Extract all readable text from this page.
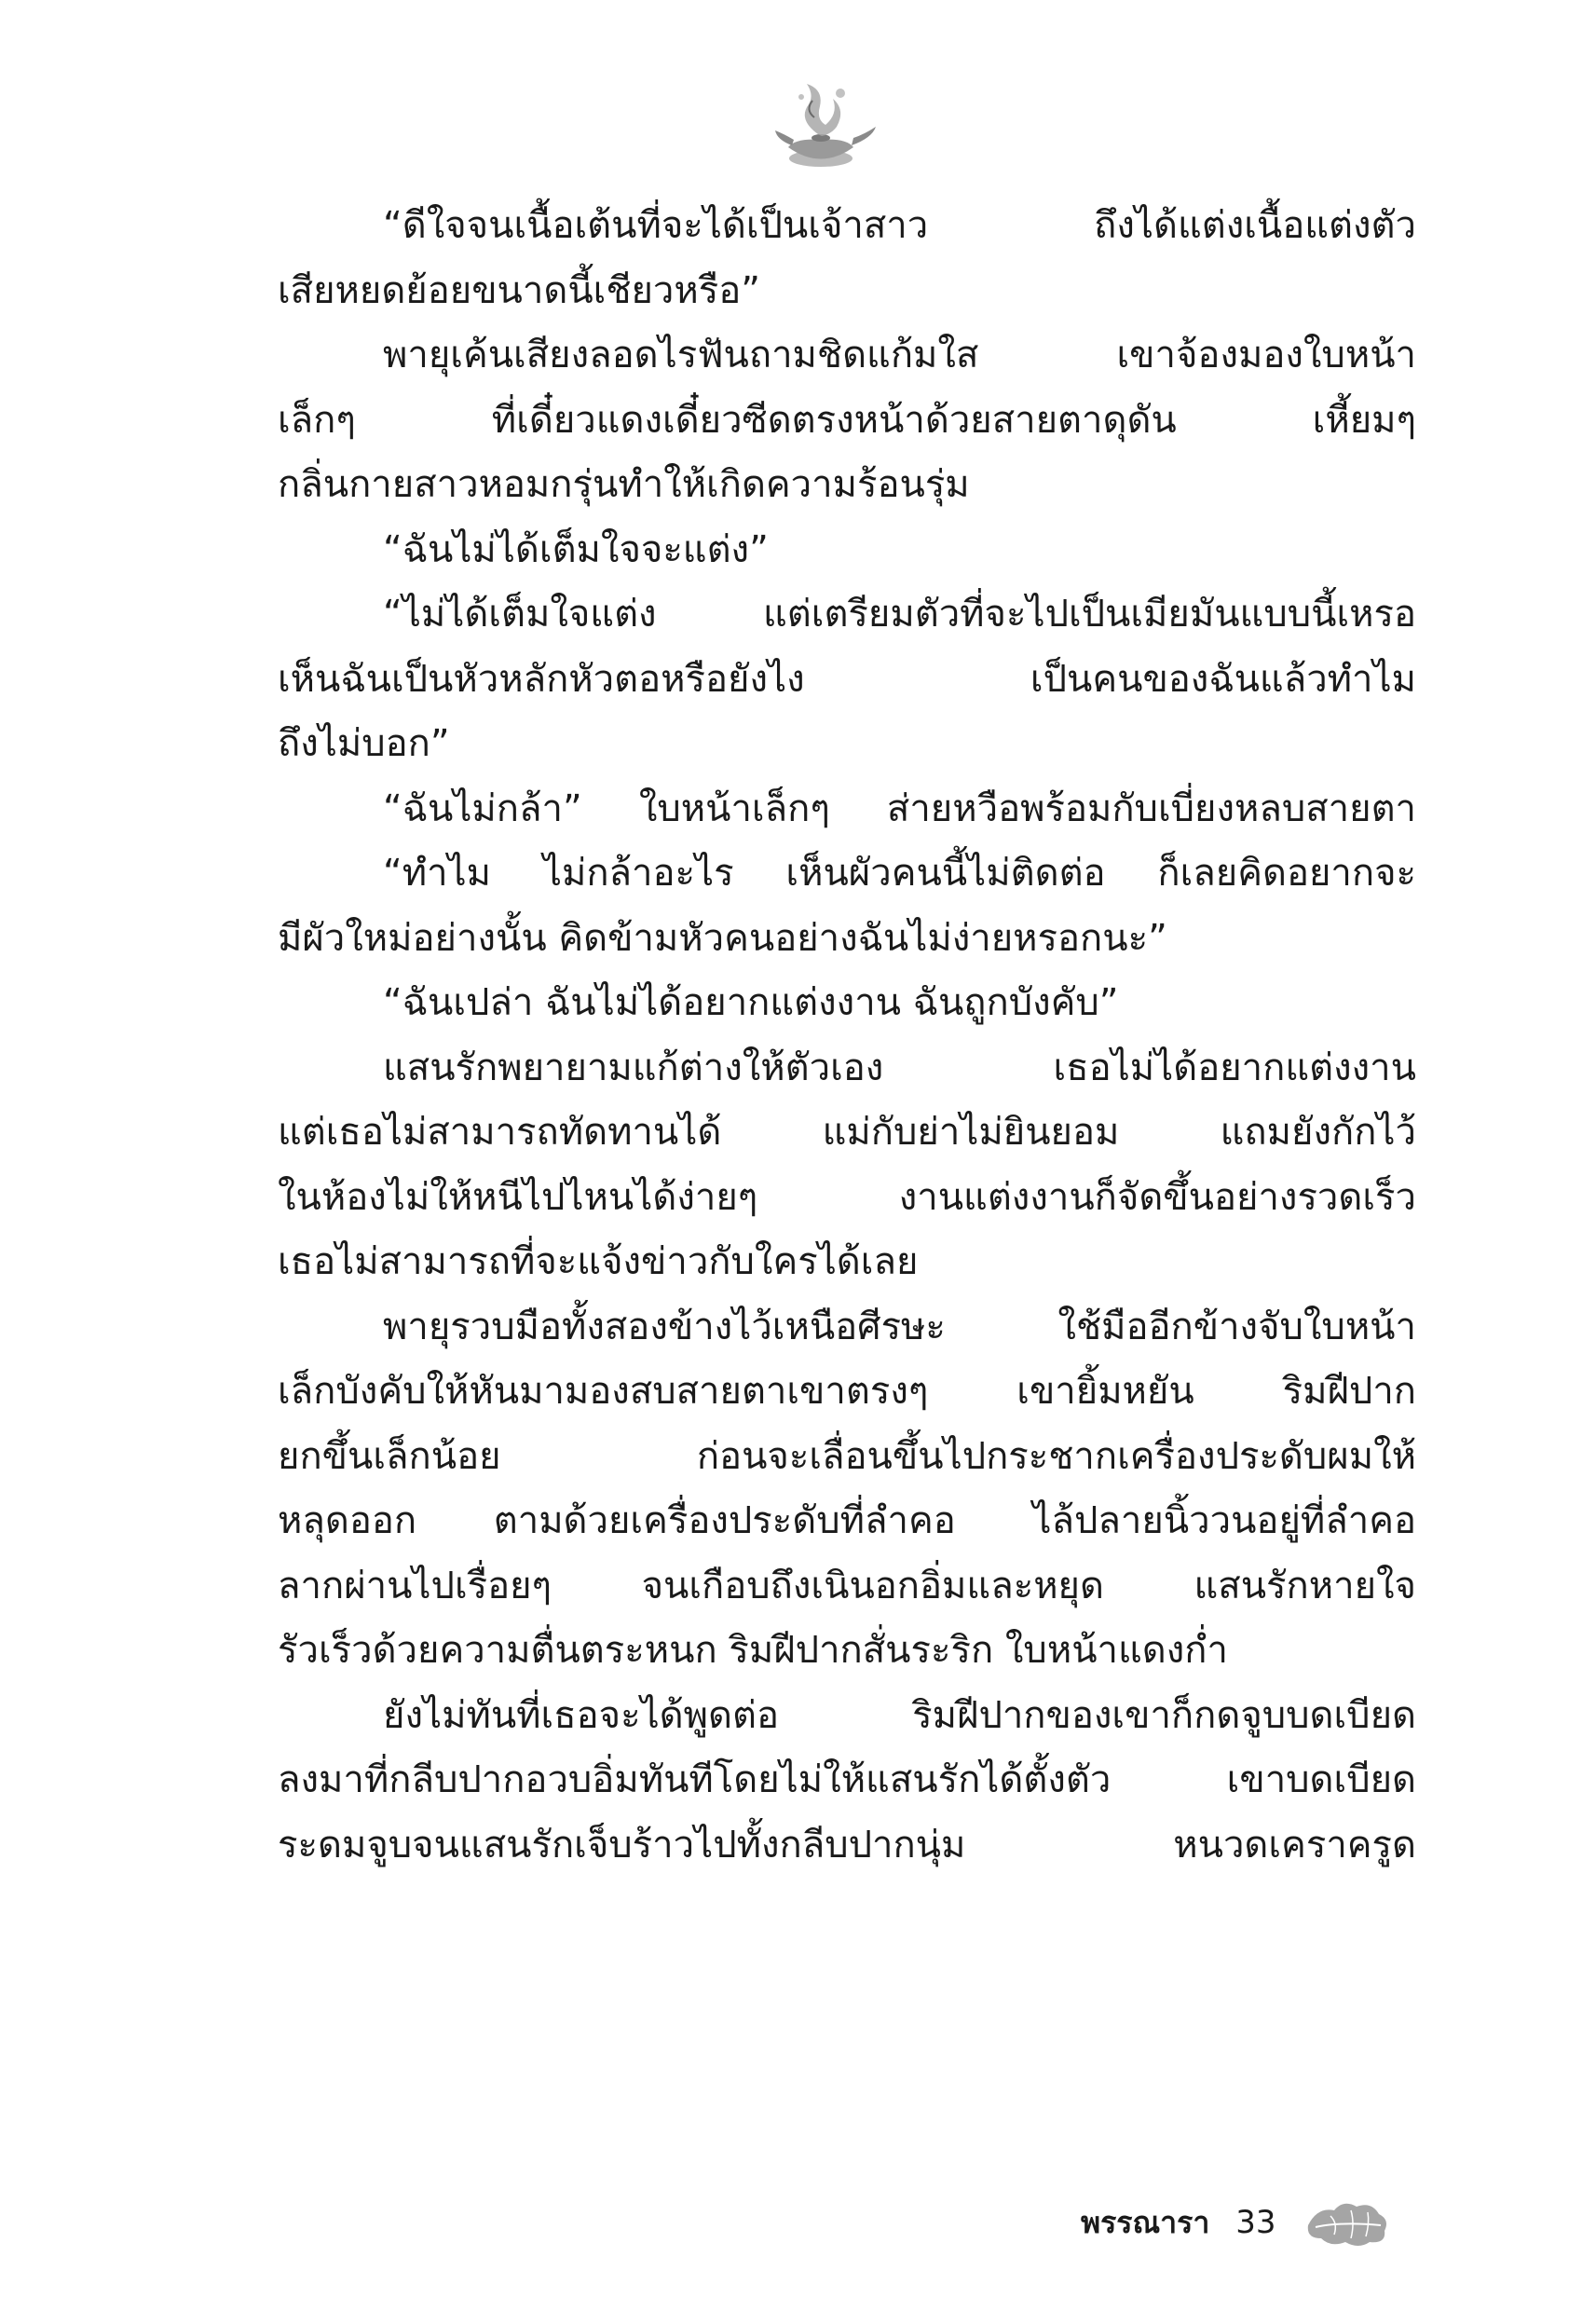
“ดีใจจนเนื้อเต้นที่จะได้เป็นเจ้าสาว ถึงได้แต่งเนื้อแต่งตัว
เสียหยดย้อยขนาดนี้เชียวหรือ”
พายุเค้นเสียงลอดไรฟันถามชิดแก้มใส เขาจ้องมองใบหน้า
เล็กๆ ที่เดี๋ยวแดงเดี๋ยวซีดตรงหน้าด้วยสายตาดุดัน เหี้ยมๆ
กลิ่นกายสาวหอมกรุ่นทำให้เกิดความร้อนรุ่ม
“ฉันไม่ได้เต็มใจจะแต่ง”
“ไม่ได้เต็มใจแต่ง แต่เตรียมตัวที่จะไปเป็นเมียมันแบบนี้เหรอ
เห็นฉันเป็นหัวหลักหัวตอหรือยังไง เป็นคนของฉันแล้วทำไม
ถึงไม่บอก”
“ฉันไม่กล้า” ใบหน้าเล็กๆ ส่ายหวือพร้อมกับเบี่ยงหลบสายตา
“ทำไม ไม่กล้าอะไร เห็นผัวคนนี้ไม่ติดต่อ ก็เลยคิดอยากจะ
มีผัวใหม่อย่างนั้น คิดข้ามหัวคนอย่างฉันไม่ง่ายหรอกนะ”
“ฉันเปล่า ฉันไม่ได้อยากแต่งงาน ฉันถูกบังคับ”
แสนรักพยายามแก้ต่างให้ตัวเอง เธอไม่ได้อยากแต่งงาน
แต่เธอไม่สามารถทัดทานได้ แม่กับย่าไม่ยินยอม แถมยังกักไว้
ในห้องไม่ให้หนีไปไหนได้ง่ายๆ งานแต่งงานก็จัดขึ้นอย่างรวดเร็ว
เธอไม่สามารถที่จะแจ้งข่าวกับใครได้เลย
พายุรวบมือทั้งสองข้างไว้เหนือศีรษะ ใช้มืออีกข้างจับใบหน้า
เล็กบังคับให้หันมามองสบสายตาเขาตรงๆ เขายิ้มหยัน ริมฝีปาก
ยกขึ้นเล็กน้อย ก่อนจะเลื่อนขึ้นไปกระชากเครื่องประดับผมให้
หลุดออก ตามด้วยเครื่องประดับที่ลำคอ ไล้ปลายนิ้ววนอยู่ที่ลำคอ
ลากผ่านไปเรื่อยๆ จนเกือบถึงเนินอกอิ่มและหยุด แสนรักหายใจ
รัวเร็วด้วยความตื่นตระหนก ริมฝีปากสั่นระริก ใบหน้าแดงก่ำ
ยังไม่ทันที่เธอจะได้พูดต่อ ริมฝีปากของเขาก็กดจูบบดเบียด
ลงมาที่กลีบปากอวบอิ่มทันทีโดยไม่ให้แสนรักได้ตั้งตัว เขาบดเบียด
ระดมจูบจนแสนรักเจ็บร้าวไปทั้งกลีบปากนุ่ม หนวดเคราครูด
พรรณารา 33
